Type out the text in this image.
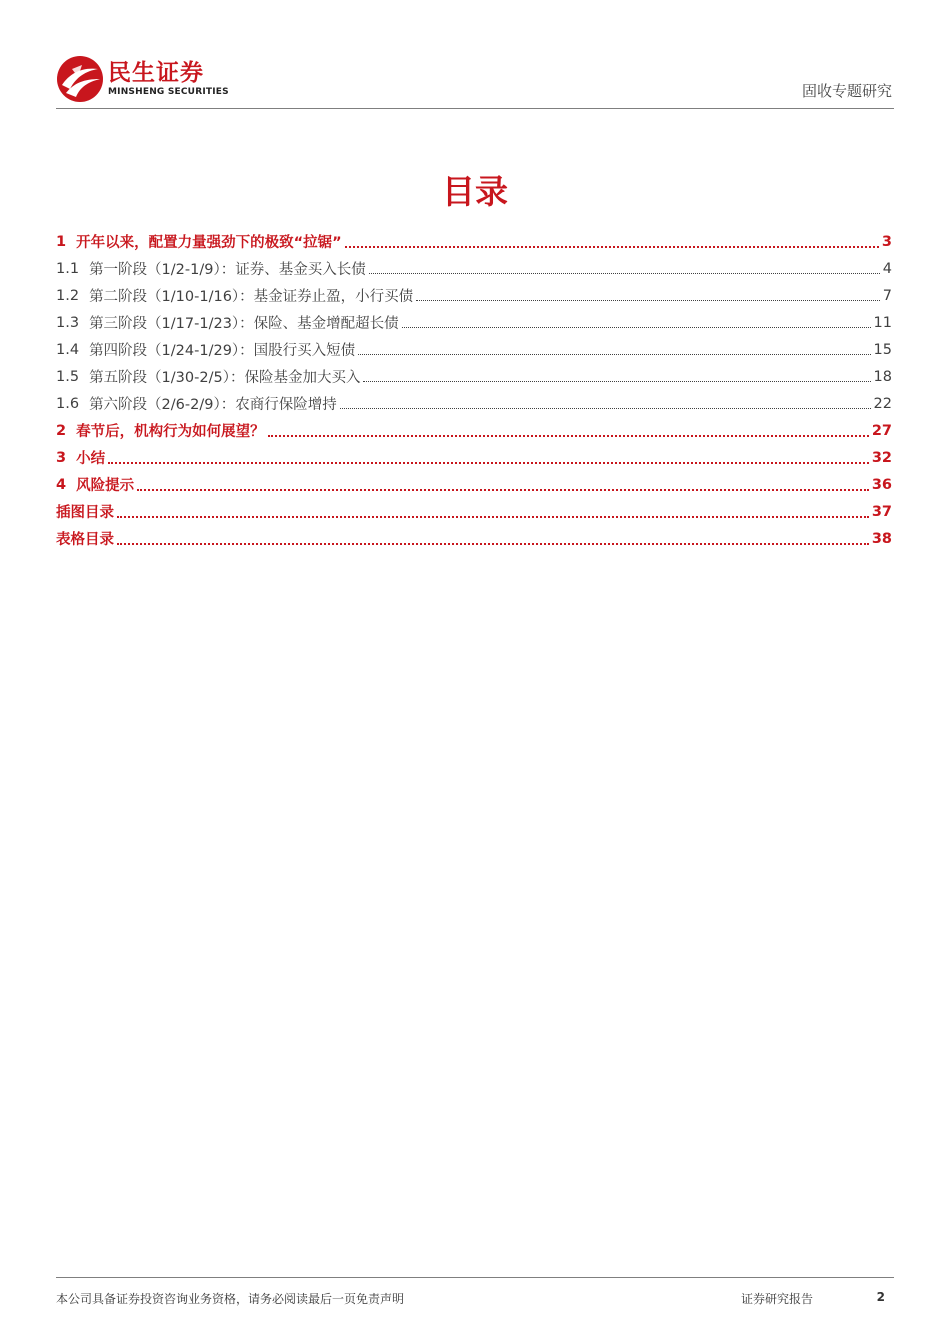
民生证券
MINSHENG SECURITIES	固收专题研究
目录
1 开年以来，配置力量强劲下的极致“拉锯”	3
1.1 第一阶段（1/2-1/9）：证券、基金买入长债	4
1.2 第二阶段（1/10-1/16）：基金证券止盈，小行买债	7
1.3 第三阶段（1/17-1/23）：保险、基金增配超长债	11
1.4 第四阶段（1/24-1/29）：国股行买入短债	15
1.5 第五阶段（1/30-2/5）：保险基金加大买入	18
1.6 第六阶段（2/6-2/9）：农商行保险增持	22
2 春节后，机构行为如何展望？	27
3 小结	32
4 风险提示	36
插图目录	37
表格目录	38
本公司具备证券投资咨询业务资格，请务必阅读最后一页免责声明	证券研究报告	2
